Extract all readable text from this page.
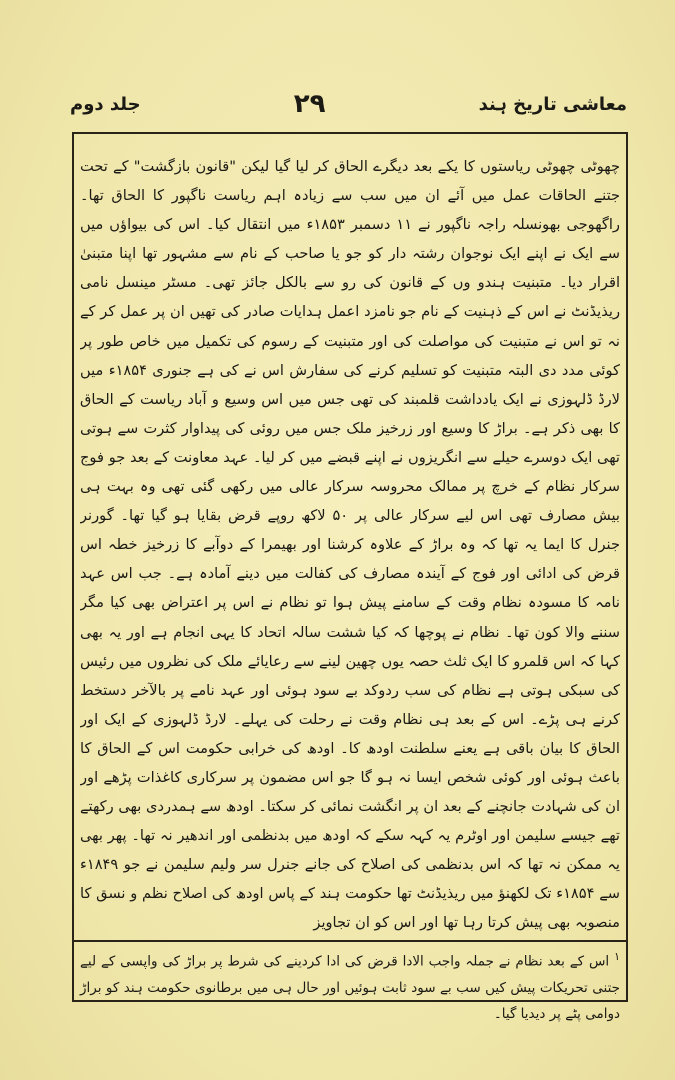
معاشی تاریخ ہند
۲۹
جلد دوم

چھوٹی چھوٹی ریاستوں کا یکے بعد دیگرے الحاق کر لیا گیا لیکن "قانون بازگشت" کے تحت جتنے الحاقات عمل میں آئے ان میں سب سے زیادہ اہم ریاست ناگپور کا الحاق تھا۔ راگھوجی بھونسلہ راجہ ناگپور نے ۱۱ دسمبر ۱۸۵۳ء میں انتقال کیا۔ اس کی بیواؤں میں سے ایک نے اپنے ایک نوجوان رشتہ دار کو جو یا صاحب کے نام سے مشہور تھا اپنا متبنیٰ اقرار دیا۔ متبنیت ہندو وں کے قانون کی رو سے بالکل جائز تھی۔ مسٹر مینسل نامی ریذیڈنٹ نے اس کے ذہنیت کے نام جو نامزد اعمل ہدایات صادر کی تھیں ان پر عمل کر کے نہ تو اس نے متبنیت کی مواصلت کی اور متبنیت کے رسوم کی تکمیل میں خاص طور پر کوئی مدد دی البتہ متبنیت کو تسلیم کرنے کی سفارش اس نے کی ہے جنوری ۱۸۵۴ء میں لارڈ ڈلہوزی نے ایک یادداشت قلمبند کی تھی جس میں اس وسیع و آباد ریاست کے الحاق کا بھی ذکر ہے۔ براڑ کا وسیع اور زرخیز ملک جس میں روئی کی پیداوار کثرت سے ہوتی تھی ایک دوسرے حیلے سے انگریزوں نے اپنے قبضے میں کر لیا۔ عہد معاونت کے بعد جو فوج سرکار نظام کے خرچ پر ممالک محروسہ سرکار عالی میں رکھی گئی تھی وہ بہت ہی بیش مصارف تھی اس لیے سرکار عالی پر ۵۰ لاکھ روپے قرض بقایا ہو گیا تھا۔ گورنر جنرل کا ایما یہ تھا کہ وہ براڑ کے علاوہ کرشنا اور بھیمرا کے دوآبے کا زرخیز خطہ اس قرض کی ادائی اور فوج کے آیندہ مصارف کی کفالت میں دینے آمادہ ہے۔ جب اس عہد نامہ کا مسودہ نظام وقت کے سامنے پیش ہوا تو نظام نے اس پر اعتراض بھی کیا مگر سننے والا کون تھا۔ نظام نے پوچھا کہ کیا ششت سالہ اتحاد کا یہی انجام ہے اور یہ بھی کہا کہ اس قلمرو کا ایک ثلث حصہ یوں چھین لینے سے رعایائے ملک کی نظروں میں رئیس کی سبکی ہوتی ہے نظام کی سب ردوکد بے سود ہوئی اور عہد نامے پر بالآخر دستخط کرنے ہی پڑے۔ اس کے بعد ہی نظام وقت نے رحلت کی یہلے۔ لارڈ ڈلہوزی کے ایک اور الحاق کا بیان باقی ہے یعنے سلطنت اودھ کا۔ اودھ کی خرابی حکومت اس کے الحاق کا باعث ہوئی اور کوئی شخص ایسا نہ ہو گا جو اس مضمون پر سرکاری کاغذات پڑھے اور ان کی شہادت جانچنے کے بعد ان پر انگشت نمائی کر سکتا۔ اودھ سے ہمدردی بھی رکھتے تھے جیسے سلیمن اور اوٹرم یہ کہہ سکے کہ اودھ میں بدنظمی اور اندھیر نہ تھا۔ پھر بھی یہ ممکن نہ تھا کہ اس بدنظمی کی اصلاح کی جانے جنرل سر ولیم سلیمن نے جو ۱۸۴۹ء سے ۱۸۵۴ء تک لکھنؤ میں ریذیڈنٹ تھا حکومت ہند کے پاس اودھ کی اصلاح نظم و نسق کا منصوبہ بھی پیش کرتا رہا تھا اور اس کو ان تجاویز

$^۱$ اس کے بعد نظام نے جملہ واجب الادا قرض کی ادا کردینے کی شرط پر براڑ کی واپسی کے لیے جتنی تحریکات پیش کیں سب بے سود ثابت ہوئیں اور حال ہی میں برطانوی حکومت ہند کو براڑ دوامی پٹے پر دیدیا گیا۔
